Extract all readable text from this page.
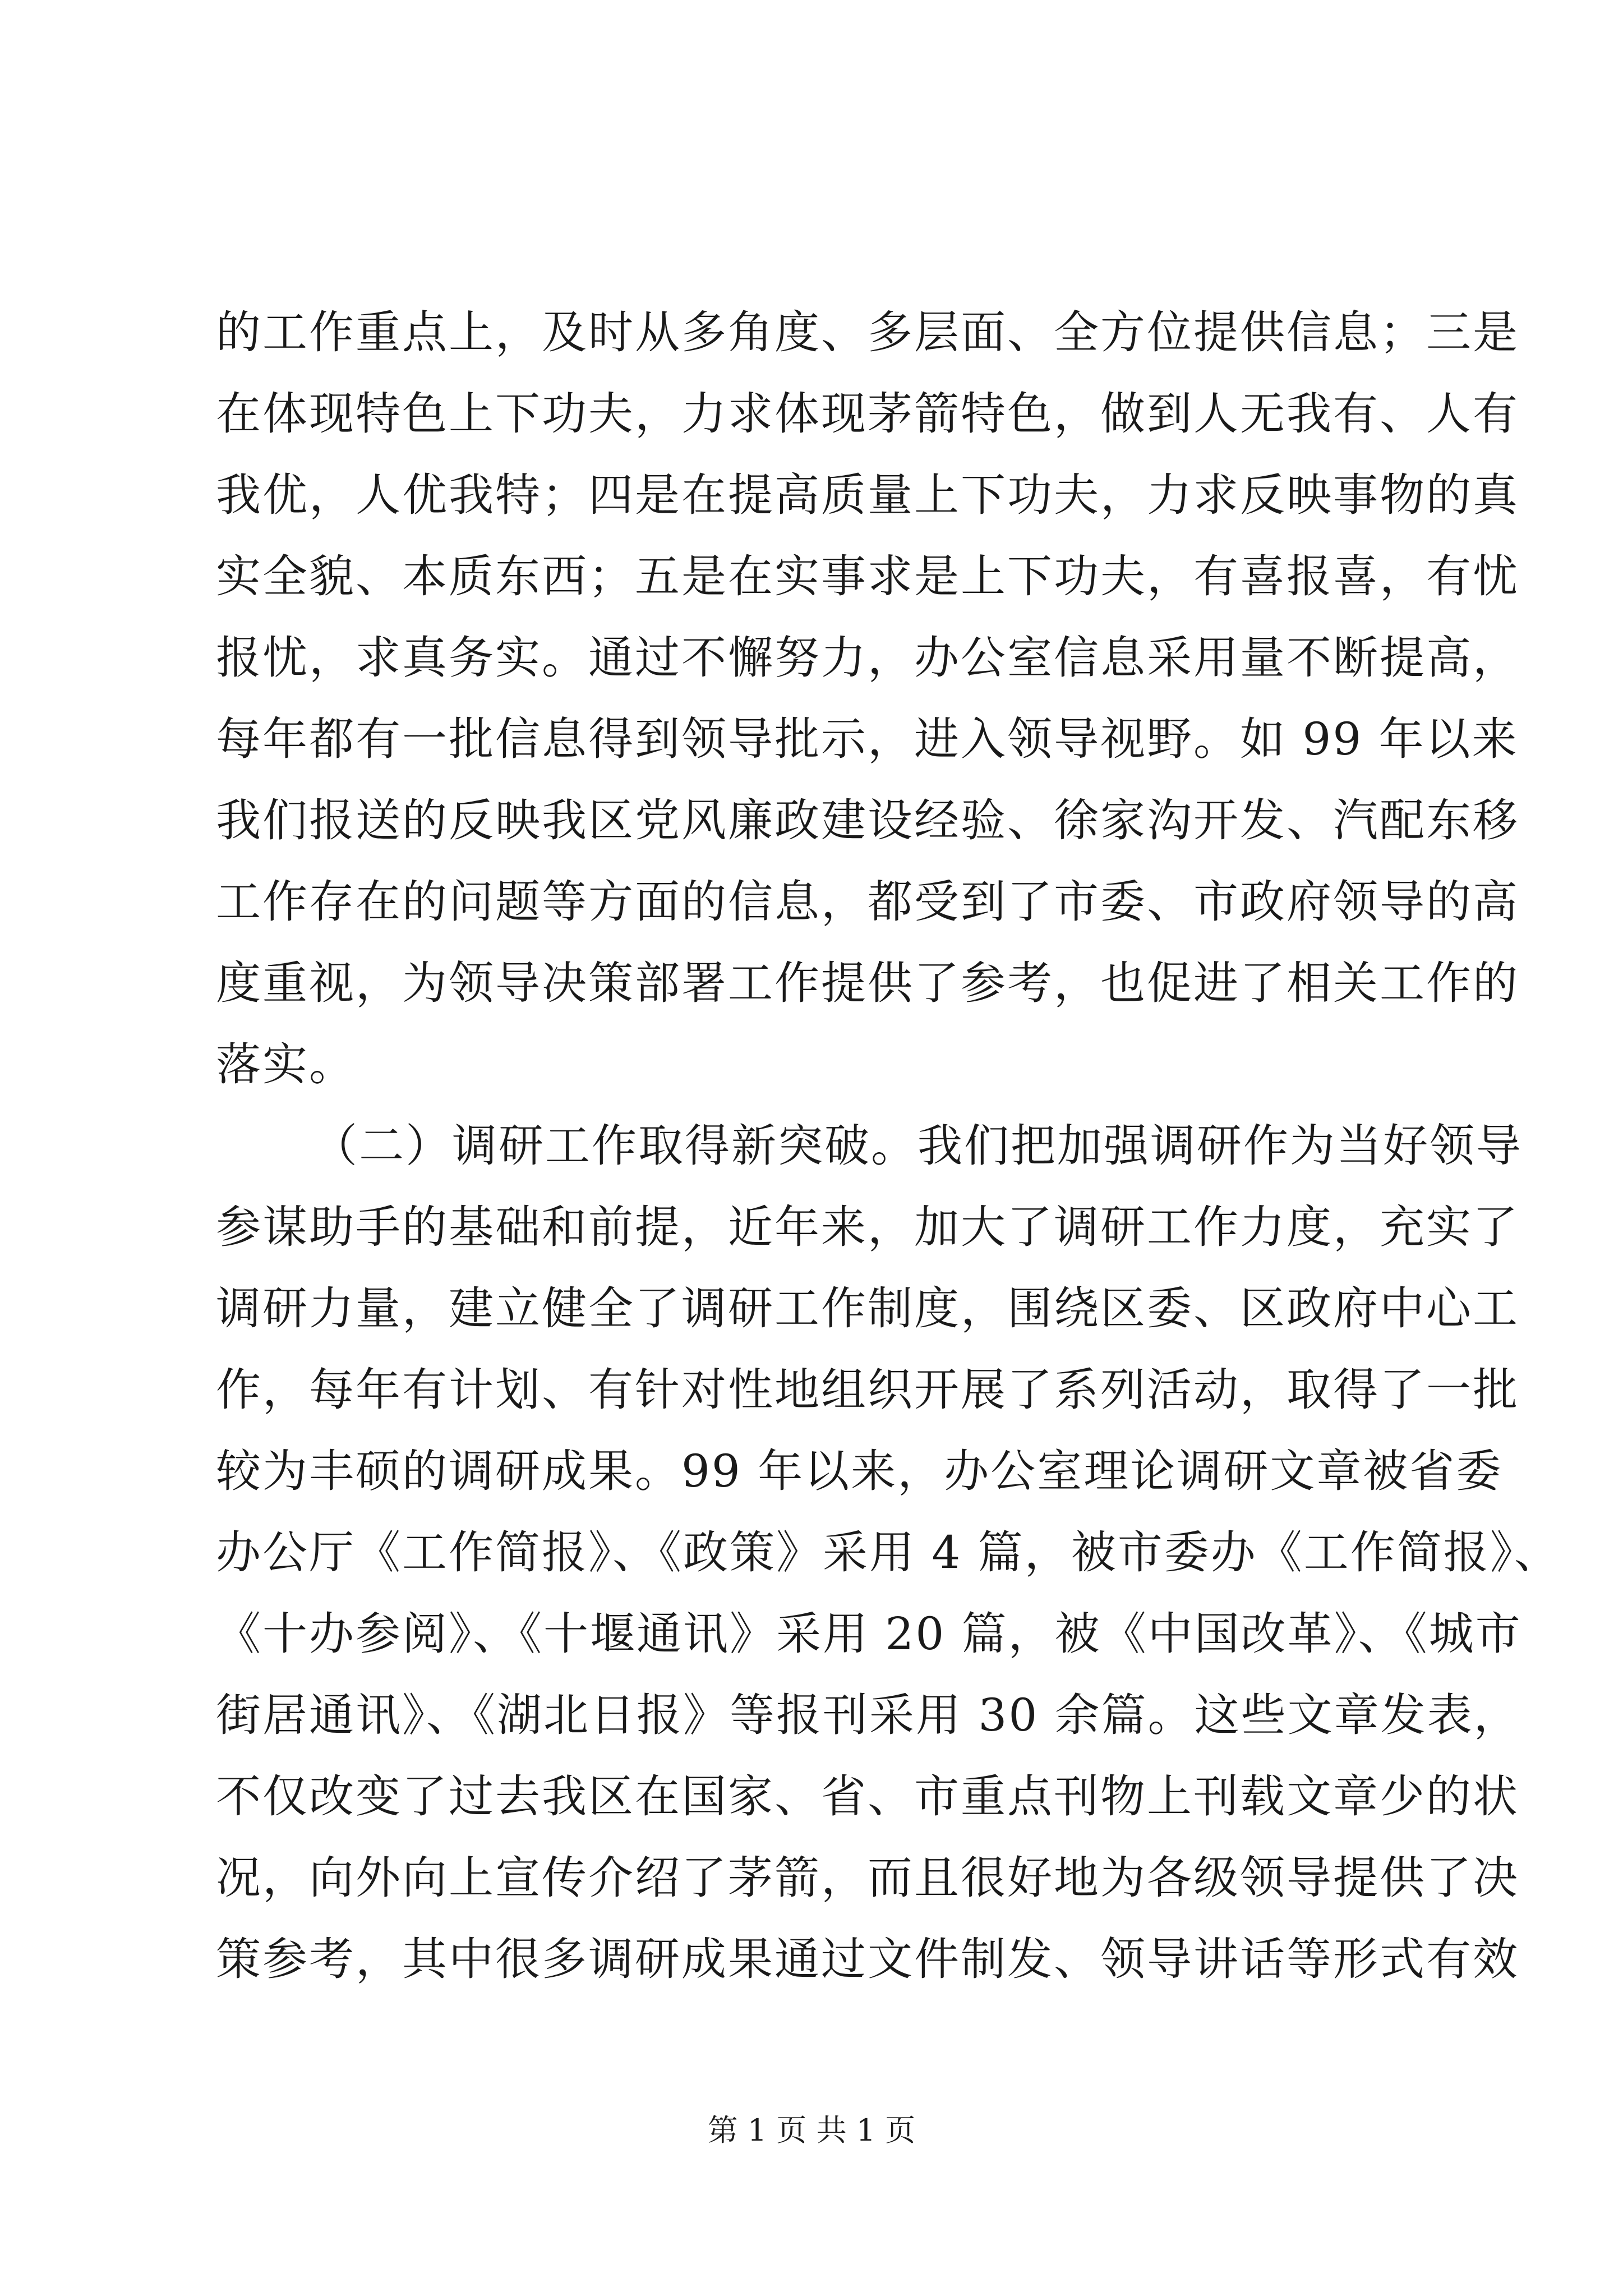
的工作重点上，及时从多角度、多层面、全方位提供信息；三是
在体现特色上下功夫，力求体现茅箭特色，做到人无我有、人有
我优，人优我特；四是在提高质量上下功夫，力求反映事物的真
实全貌、本质东西；五是在实事求是上下功夫，有喜报喜，有忧
报忧，求真务实。通过不懈努力，办公室信息采用量不断提高，
每年都有一批信息得到领导批示，进入领导视野。如 99 年以来
我们报送的反映我区党风廉政建设经验、徐家沟开发、汽配东移
工作存在的问题等方面的信息，都受到了市委、市政府领导的高
度重视，为领导决策部署工作提供了参考，也促进了相关工作的
落实。
（二）调研工作取得新突破。我们把加强调研作为当好领导
参谋助手的基础和前提，近年来，加大了调研工作力度，充实了
调研力量，建立健全了调研工作制度，围绕区委、区政府中心工
作，每年有计划、有针对性地组织开展了系列活动，取得了一批
较为丰硕的调研成果。99 年以来，办公室理论调研文章被省委
办公厅《工作简报》、《政策》采用 4 篇，被市委办《工作简报》、
《十办参阅》、《十堰通讯》采用 20 篇，被《中国改革》、《城市
街居通讯》、《湖北日报》等报刊采用 30 余篇。这些文章发表，
不仅改变了过去我区在国家、省、市重点刊物上刊载文章少的状
况，向外向上宣传介绍了茅箭，而且很好地为各级领导提供了决
策参考，其中很多调研成果通过文件制发、领导讲话等形式有效
第 1 页 共 1 页
